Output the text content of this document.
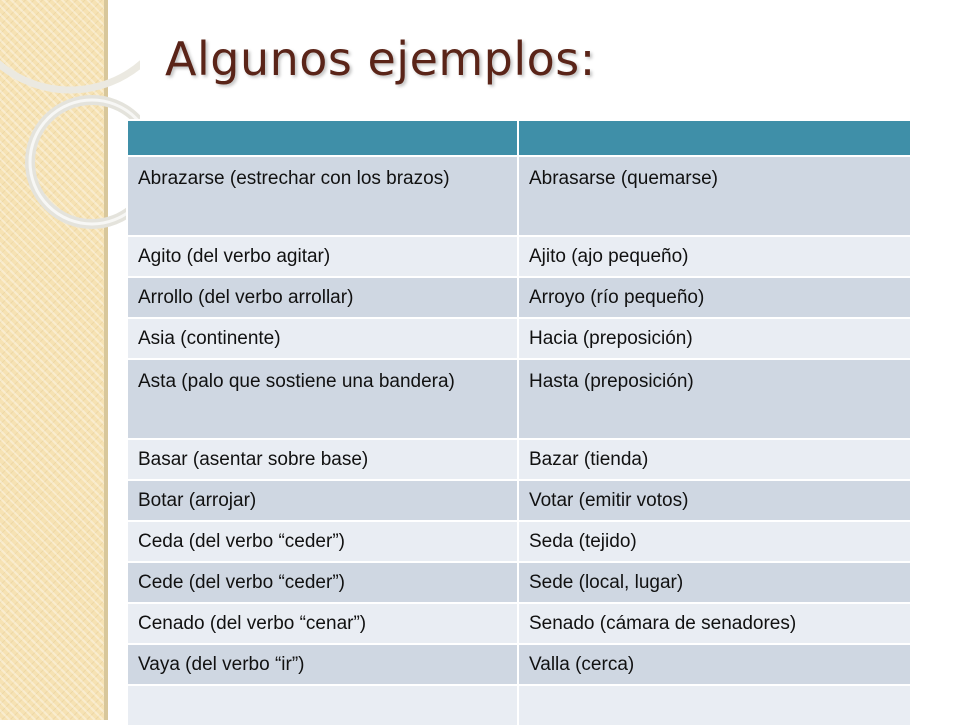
Algunos ejemplos:

Abrazarse (estrechar con los brazos)	Abrasarse (quemarse)
Agito (del verbo agitar)	Ajito (ajo pequeño)
Arrollo (del verbo arrollar)	Arroyo (río pequeño)
Asia (continente)	Hacia (preposición)
Asta (palo que sostiene una bandera)	Hasta (preposición)
Basar (asentar sobre base)	Bazar (tienda)
Botar (arrojar)	Votar (emitir votos)
Ceda (del verbo “ceder”)	Seda (tejido)
Cede (del verbo “ceder”)	Sede (local, lugar)
Cenado (del verbo “cenar”)	Senado (cámara de senadores)
Vaya (del verbo “ir”)	Valla (cerca)
